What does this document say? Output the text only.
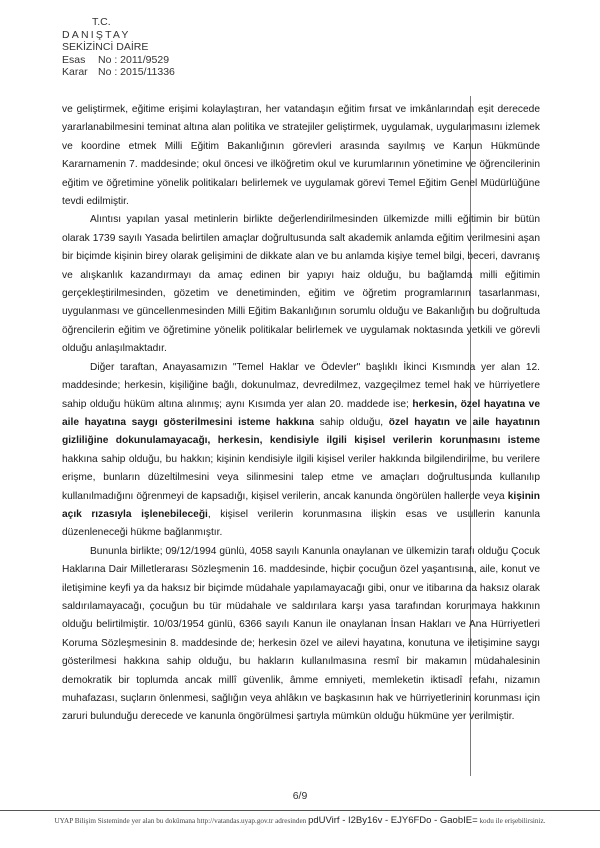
T.C.
DANIŞTAY
SEKİZİNCİ DAİRE
Esas No : 2011/9529
Karar No : 2015/11336

ve geliştirmek, eğitime erişimi kolaylaştıran, her vatandaşın eğitim fırsat ve imkânlarından eşit derecede yararlanabilmesini teminat altına alan politika ve stratejiler geliştirmek, uygulamak, uygulanmasını izlemek ve koordine etmek Milli Eğitim Bakanlığının görevleri arasında sayılmış ve Kanun Hükmünde Kararnamenin 7. maddesinde; okul öncesi ve ilköğretim okul ve kurumlarının yönetimine ve öğrencilerinin eğitim ve öğretimine yönelik politikaları belirlemek ve uygulamak görevi Temel Eğitim Genel Müdürlüğüne tevdi edilmiştir.

Alıntısı yapılan yasal metinlerin birlikte değerlendirilmesinden ülkemizde milli eğitimin bir bütün olarak 1739 sayılı Yasada belirtilen amaçlar doğrultusunda salt akademik anlamda eğitim verilmesini aşan bir biçimde kişinin birey olarak gelişimini de dikkate alan ve bu anlamda kişiye temel bilgi, beceri, davranış ve alışkanlık kazandırmayı da amaç edinen bir yapıyı haiz olduğu, bu bağlamda milli eğitimin gerçekleştirilmesinden, gözetim ve denetiminden, eğitim ve öğretim programlarının tasarlanması, uygulanması ve güncellenmesinden Milli Eğitim Bakanlığının sorumlu olduğu ve Bakanlığın bu doğrultuda öğrencilerin eğitim ve öğretimine yönelik politikalar belirlemek ve uygulamak noktasında yetkili ve görevli olduğu anlaşılmaktadır.

Diğer taraftan, Anayasamızın "Temel Haklar ve Ödevler" başlıklı İkinci Kısmında yer alan 12. maddesinde; herkesin, kişiliğine bağlı, dokunulmaz, devredilmez, vazgeçilmez temel hak ve hürriyetlere sahip olduğu hüküm altına alınmış; aynı Kısımda yer alan 20. maddede ise; herkesin, özel hayatına ve aile hayatına saygı gösterilmesini isteme hakkına sahip olduğu, özel hayatın ve aile hayatının gizliliğine dokunulamayacağı, herkesin, kendisiyle ilgili kişisel verilerin korunmasını isteme hakkına sahip olduğu, bu hakkın; kişinin kendisiyle ilgili kişisel veriler hakkında bilgilendirilme, bu verilere erişme, bunların düzeltilmesini veya silinmesini talep etme ve amaçları doğrultusunda kullanılıp kullanılmadığını öğrenmeyi de kapsadığı, kişisel verilerin, ancak kanunda öngörülen hallerde veya kişinin açık rızasıyla işlenebileceği, kişisel verilerin korunmasına ilişkin esas ve usullerin kanunla düzenleneceği hükme bağlanmıştır.

Bununla birlikte; 09/12/1994 günlü, 4058 sayılı Kanunla onaylanan ve ülkemizin tarafı olduğu Çocuk Haklarına Dair Milletlerarası Sözleşmenin 16. maddesinde, hiçbir çocuğun özel yaşantısına, aile, konut ve iletişimine keyfi ya da haksız bir biçimde müdahale yapılamayacağı gibi, onur ve itibarına da haksız olarak saldırılamayacağı, çocuğun bu tür müdahale ve saldırılara karşı yasa tarafından korunmaya hakkının olduğu belirtilmiştir. 10/03/1954 günlü, 6366 sayılı Kanun ile onaylanan İnsan Hakları ve Ana Hürriyetleri Koruma Sözleşmesinin 8. maddesinde de; herkesin özel ve ailevi hayatına, konutuna ve iletişimine saygı gösterilmesi hakkına sahip olduğu, bu hakların kullanılmasına resmî bir makamın müdahalesinin demokratik bir toplumda ancak millî güvenlik, âmme emniyeti, memleketin iktisadî refahı, nizamın muhafazası, suçların önlenmesi, sağlığın veya ahlâkın ve başkasının hak ve hürriyetlerinin korunması için zaruri bulunduğu derecede ve kanunla öngörülmesi şartıyla mümkün olduğu hükmüne yer verilmiştir.

6/9
UYAP Bilişim Sisteminde yer alan bu dokümana http://vatandas.uyap.gov.tr adresinden pdUVirf - I2By16v - EJY6FDo - GaobIE= kodu ile erişebilirsiniz.
